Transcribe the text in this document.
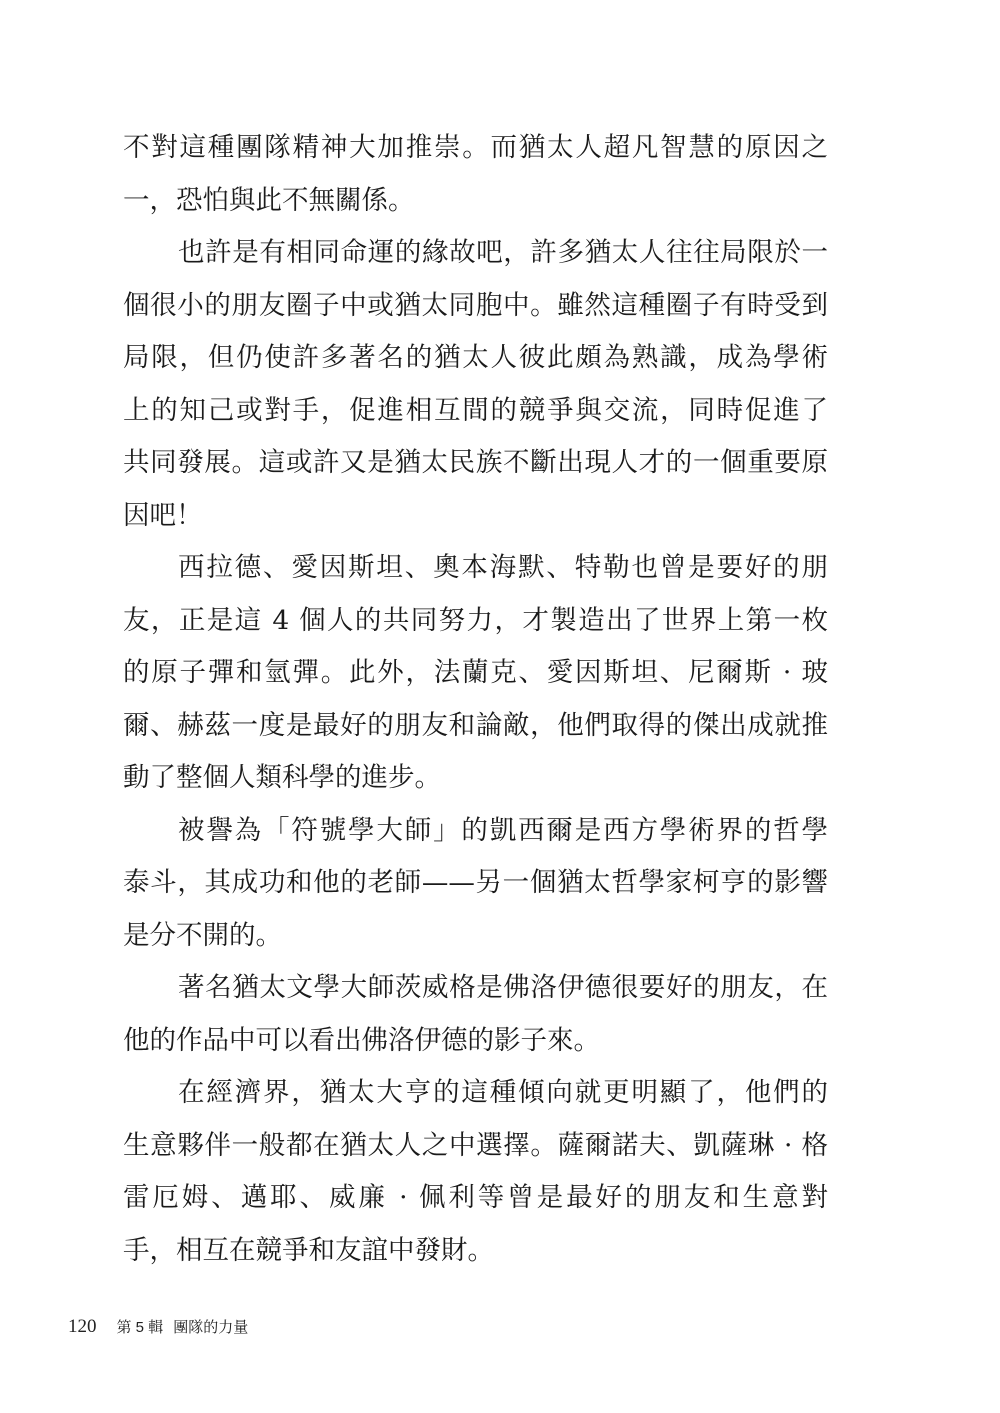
不對這種團隊精神大加推崇。而猶太人超凡智慧的原因之
一，恐怕與此不無關係。
也許是有相同命運的緣故吧，許多猶太人往往局限於一
個很小的朋友圈子中或猶太同胞中。雖然這種圈子有時受到
局限，但仍使許多著名的猶太人彼此頗為熟識，成為學術
上的知己或對手，促進相互間的競爭與交流，同時促進了
共同發展。這或許又是猶太民族不斷出現人才的一個重要原
因吧！
西拉德、愛因斯坦、奧本海默、特勒也曾是要好的朋
友，正是這 4 個人的共同努力，才製造出了世界上第一枚
的原子彈和氫彈。此外，法蘭克、愛因斯坦、尼爾斯 · 玻
爾、赫茲一度是最好的朋友和論敵，他們取得的傑出成就推
動了整個人類科學的進步。
被譽為「符號學大師」的凱西爾是西方學術界的哲學
泰斗，其成功和他的老師——另一個猶太哲學家柯亨的影響
是分不開的。
著名猶太文學大師茨威格是佛洛伊德很要好的朋友，在
他的作品中可以看出佛洛伊德的影子來。
在經濟界，猶太大亨的這種傾向就更明顯了，他們的
生意夥伴一般都在猶太人之中選擇。薩爾諾夫、凱薩琳 · 格
雷厄姆、邁耶、威廉 · 佩利等曾是最好的朋友和生意對
手，相互在競爭和友誼中發財。
120 第 5 輯 團隊的力量
